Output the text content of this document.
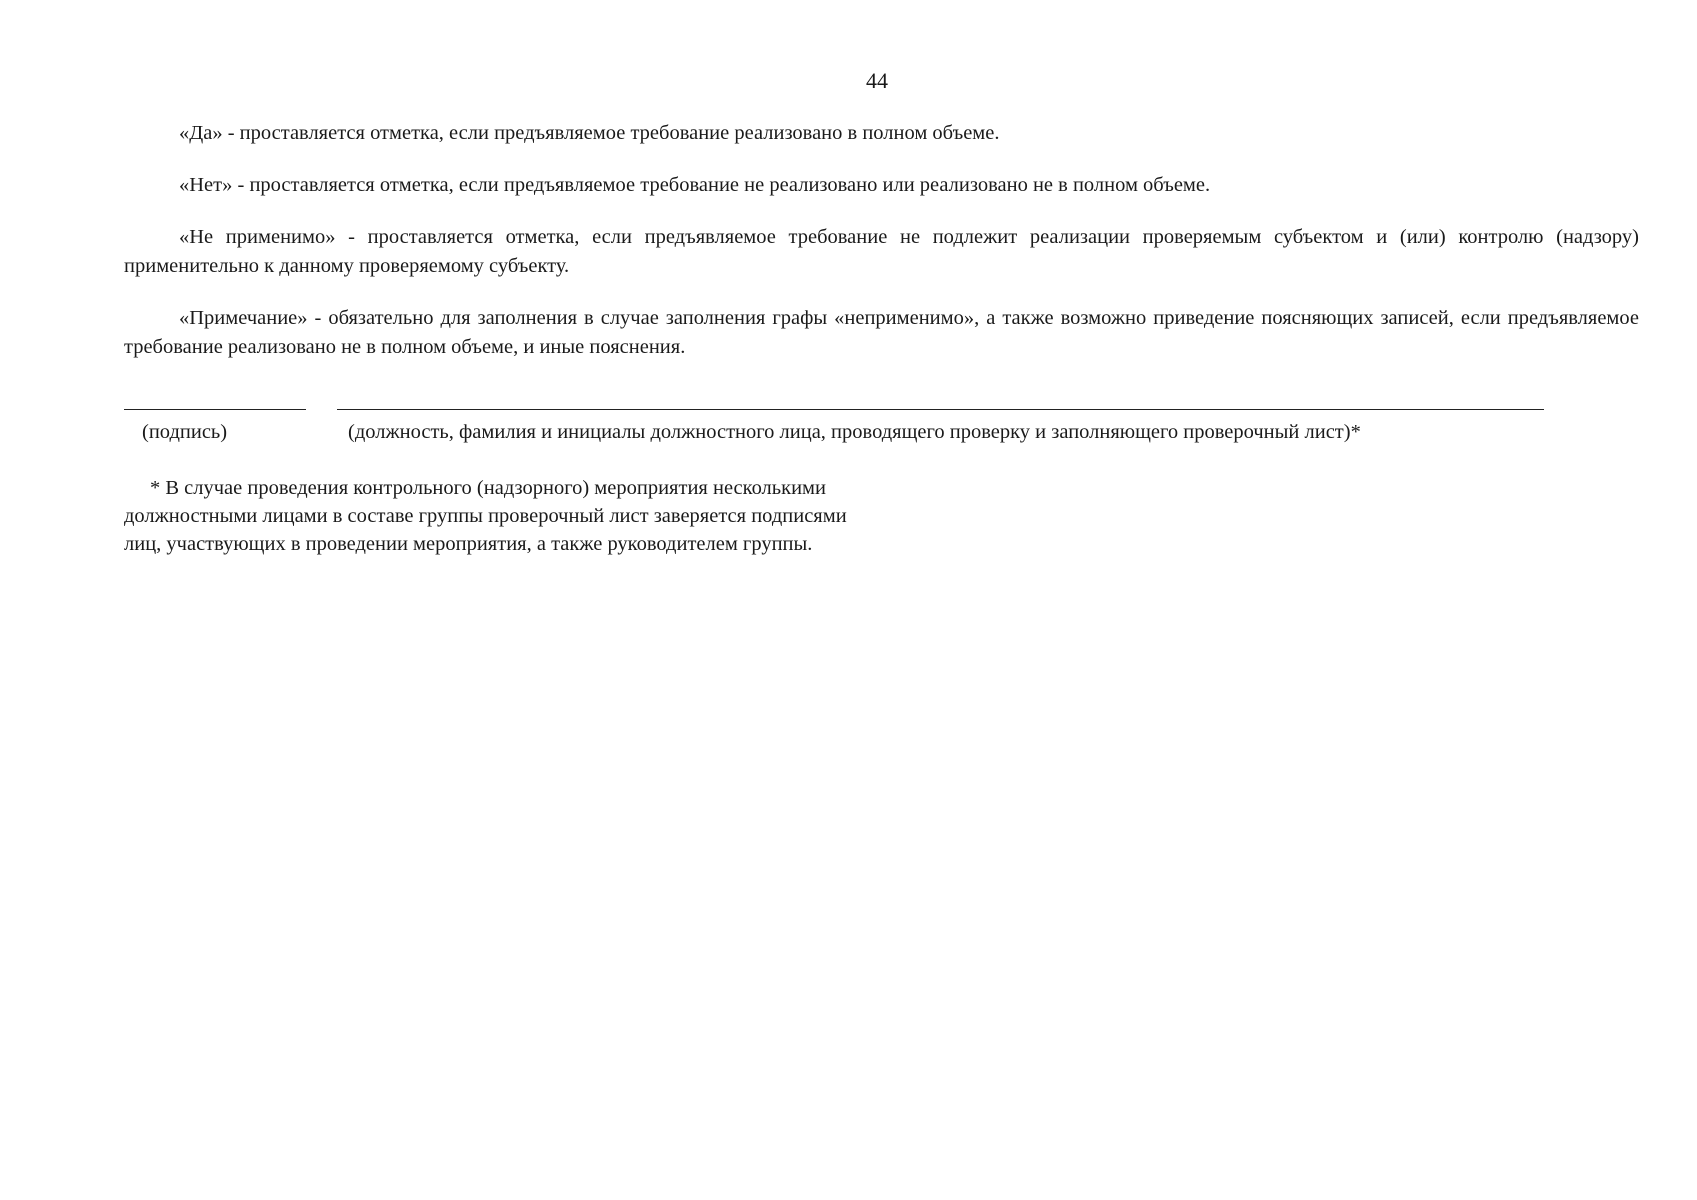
44

«Да» - проставляется отметка, если предъявляемое требование реализовано в полном объеме.

«Нет» - проставляется отметка, если предъявляемое требование не реализовано или реализовано не в полном объеме.

«Не применимо» - проставляется отметка, если предъявляемое требование не подлежит реализации проверяемым субъектом и (или) контролю (надзору) применительно к данному проверяемому субъекту.

«Примечание» - обязательно для заполнения в случае заполнения графы «неприменимо», а также возможно приведение поясняющих записей, если предъявляемое требование реализовано не в полном объеме, и иные пояснения.

(подпись)	(должность, фамилия и инициалы должностного лица, проводящего проверку и заполняющего проверочный лист)*

* В случае проведения контрольного (надзорного) мероприятия несколькими
должностными лицами в составе группы проверочный лист заверяется подписями
лиц, участвующих в проведении мероприятия, а также руководителем группы.
